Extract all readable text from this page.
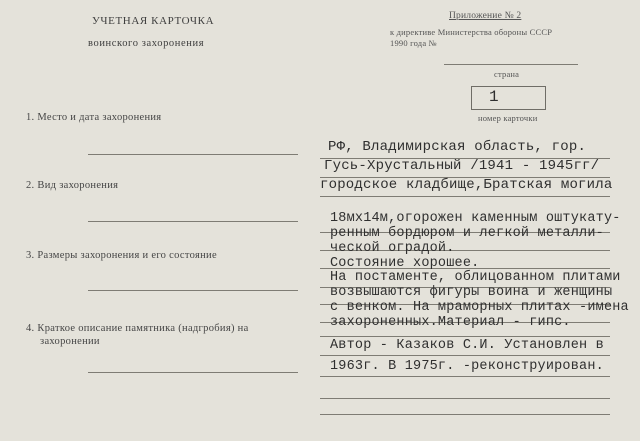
УЧЕТНАЯ КАРТОЧКА
воинского захоронения
Приложение № 2
к директиве Министерства обороны СССР
1990 года №
страна
1
номер карточки
1. Место и дата захоронения
2. Вид захоронения
3. Размеры захоронения и его состояние
4. Краткое описание памятника (надгробия) на
захоронении
РФ, Владимирская область, гор.
Гусь-Хрустальный /1941 - 1945гг/
городское кладбище,Братская могила
18мх14м,огорожен каменным оштукату-
ренным бордюром и легкой металли-
ческой оградой.
Состояние хорошее.
На постаменте, облицованном плитами
возвышаются фигуры воина и женщины
с венком. На мраморных плитах -имена
захороненных.Материал - гипс.
Автор - Казаков С.И. Установлен в
1963г. В 1975г. -реконструирован.
